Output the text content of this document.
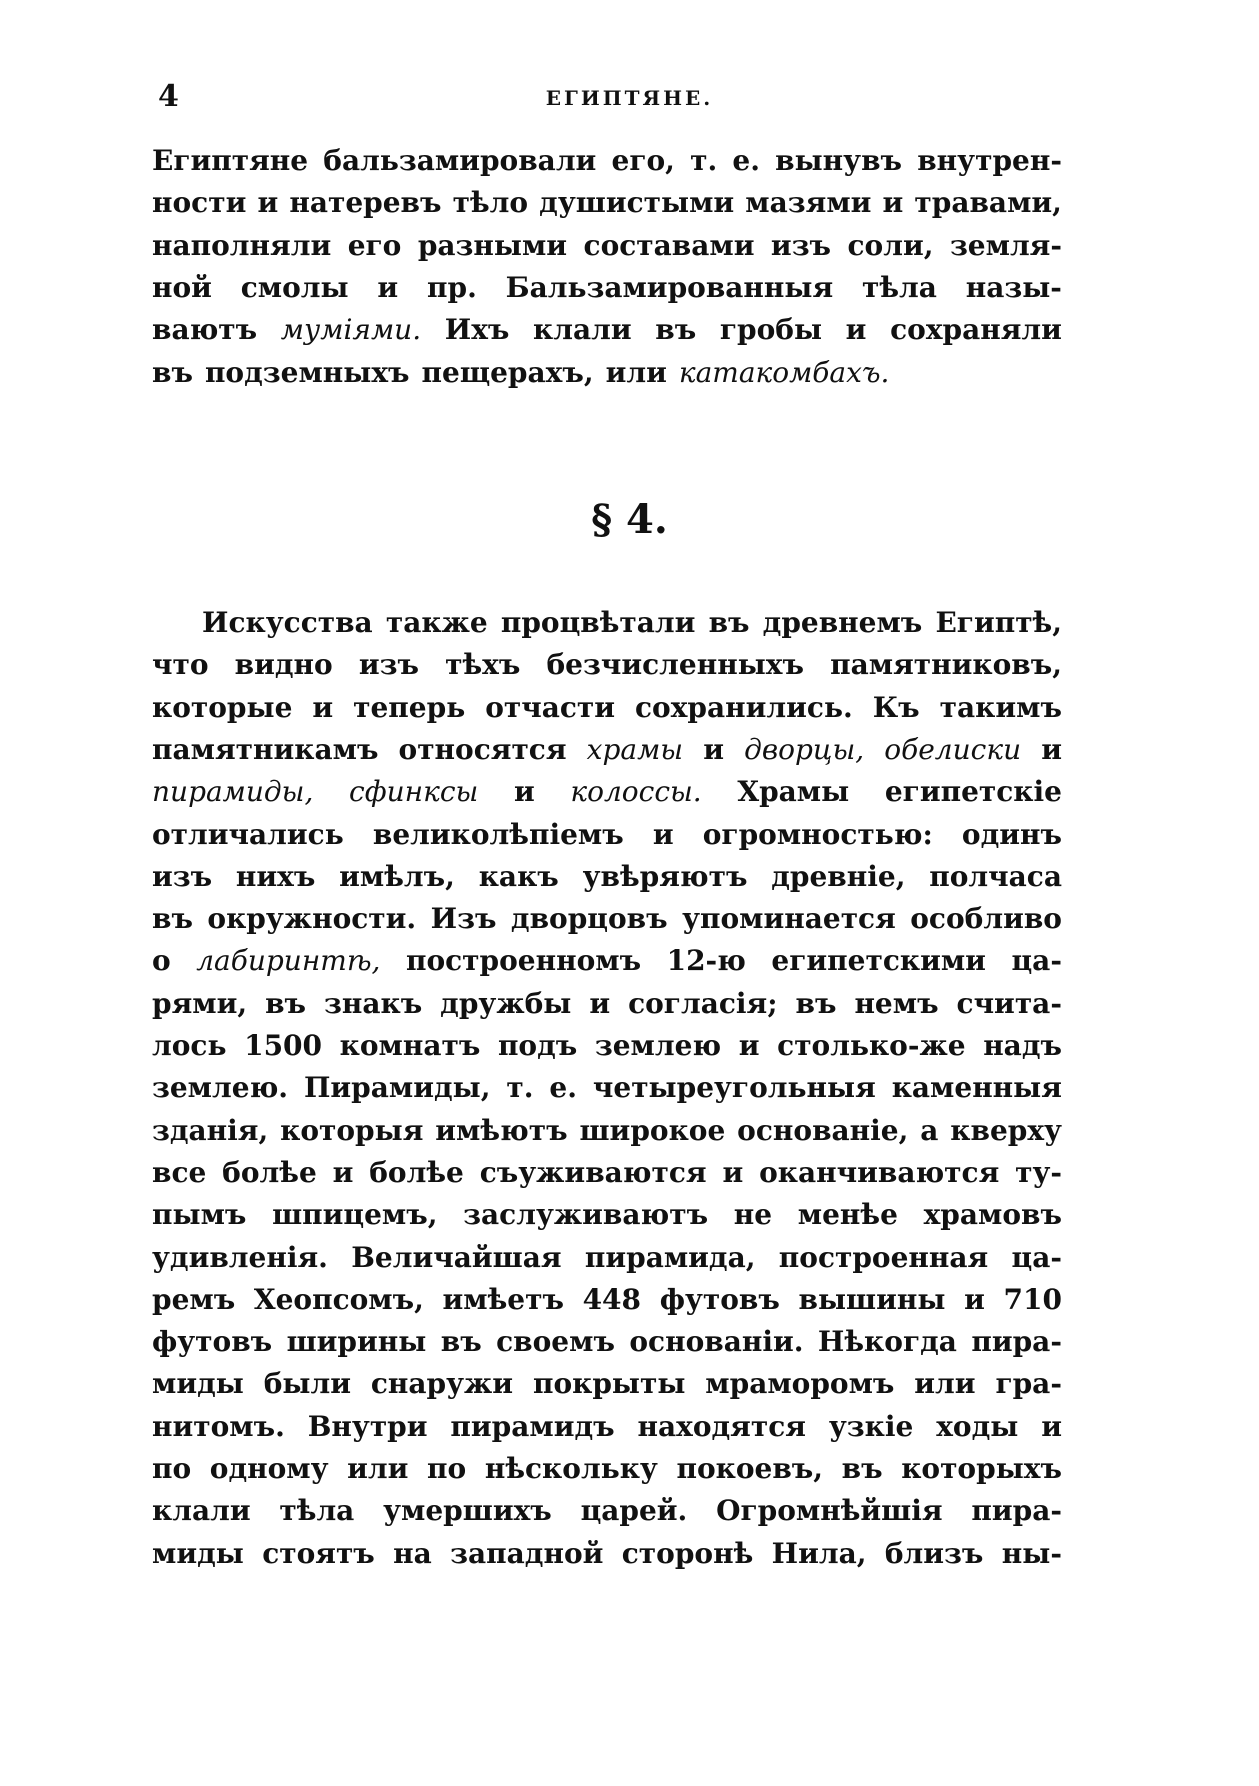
4	ЕГИПТЯНЕ.
Египтяне бальзамировали его, т. е. вынувъ внутрен-
ности и натеревъ тѣло душистыми мазями и травами,
наполняли его разными составами изъ соли, земля-
ной смолы и пр. Бальзамированныя тѣла назы-
ваютъ муміями. Ихъ клали въ гробы и сохраняли
въ подземныхъ пещерахъ, или катакомбахъ.
§ 4.
Искусства также процвѣтали въ древнемъ Египтѣ,
что видно изъ тѣхъ безчисленныхъ памятниковъ,
которые и теперь отчасти сохранились. Къ такимъ
памятникамъ относятся храмы и дворцы, обелиски и
пирамиды, сфинксы и колоссы. Храмы египетскіе
отличались великолѣпіемъ и огромностью: одинъ
изъ нихъ имѣлъ, какъ увѣряютъ древніе, полчаса
въ окружности. Изъ дворцовъ упоминается особливо
о лабиринтѣ, построенномъ 12-ю египетскими ца-
рями, въ знакъ дружбы и согласія; въ немъ считa-
лось 1500 комнатъ подъ землею и столько-же надъ
землею. Пирамиды, т. е. четыреугольныя каменныя
зданія, которыя имѣютъ широкое основаніе, а кверху
все болѣе и болѣе съуживаются и оканчиваются ту-
пымъ шпицемъ, заслуживаютъ не менѣе храмовъ
удивленія. Величайшая пирамида, построенная ца-
ремъ Хеопсомъ, имѣетъ 448 футовъ вышины и 710
футовъ ширины въ своемъ основаніи. Нѣкогда пира-
миды были снаружи покрыты мраморомъ или гра-
нитомъ. Внутри пирамидъ находятся узкіе ходы и
по одному или по нѣскольку покоевъ, въ которыхъ
клали тѣла умершихъ царей. Огромнѣйшія пира-
миды стоятъ на западной сторонѣ Нила, близъ ны-
